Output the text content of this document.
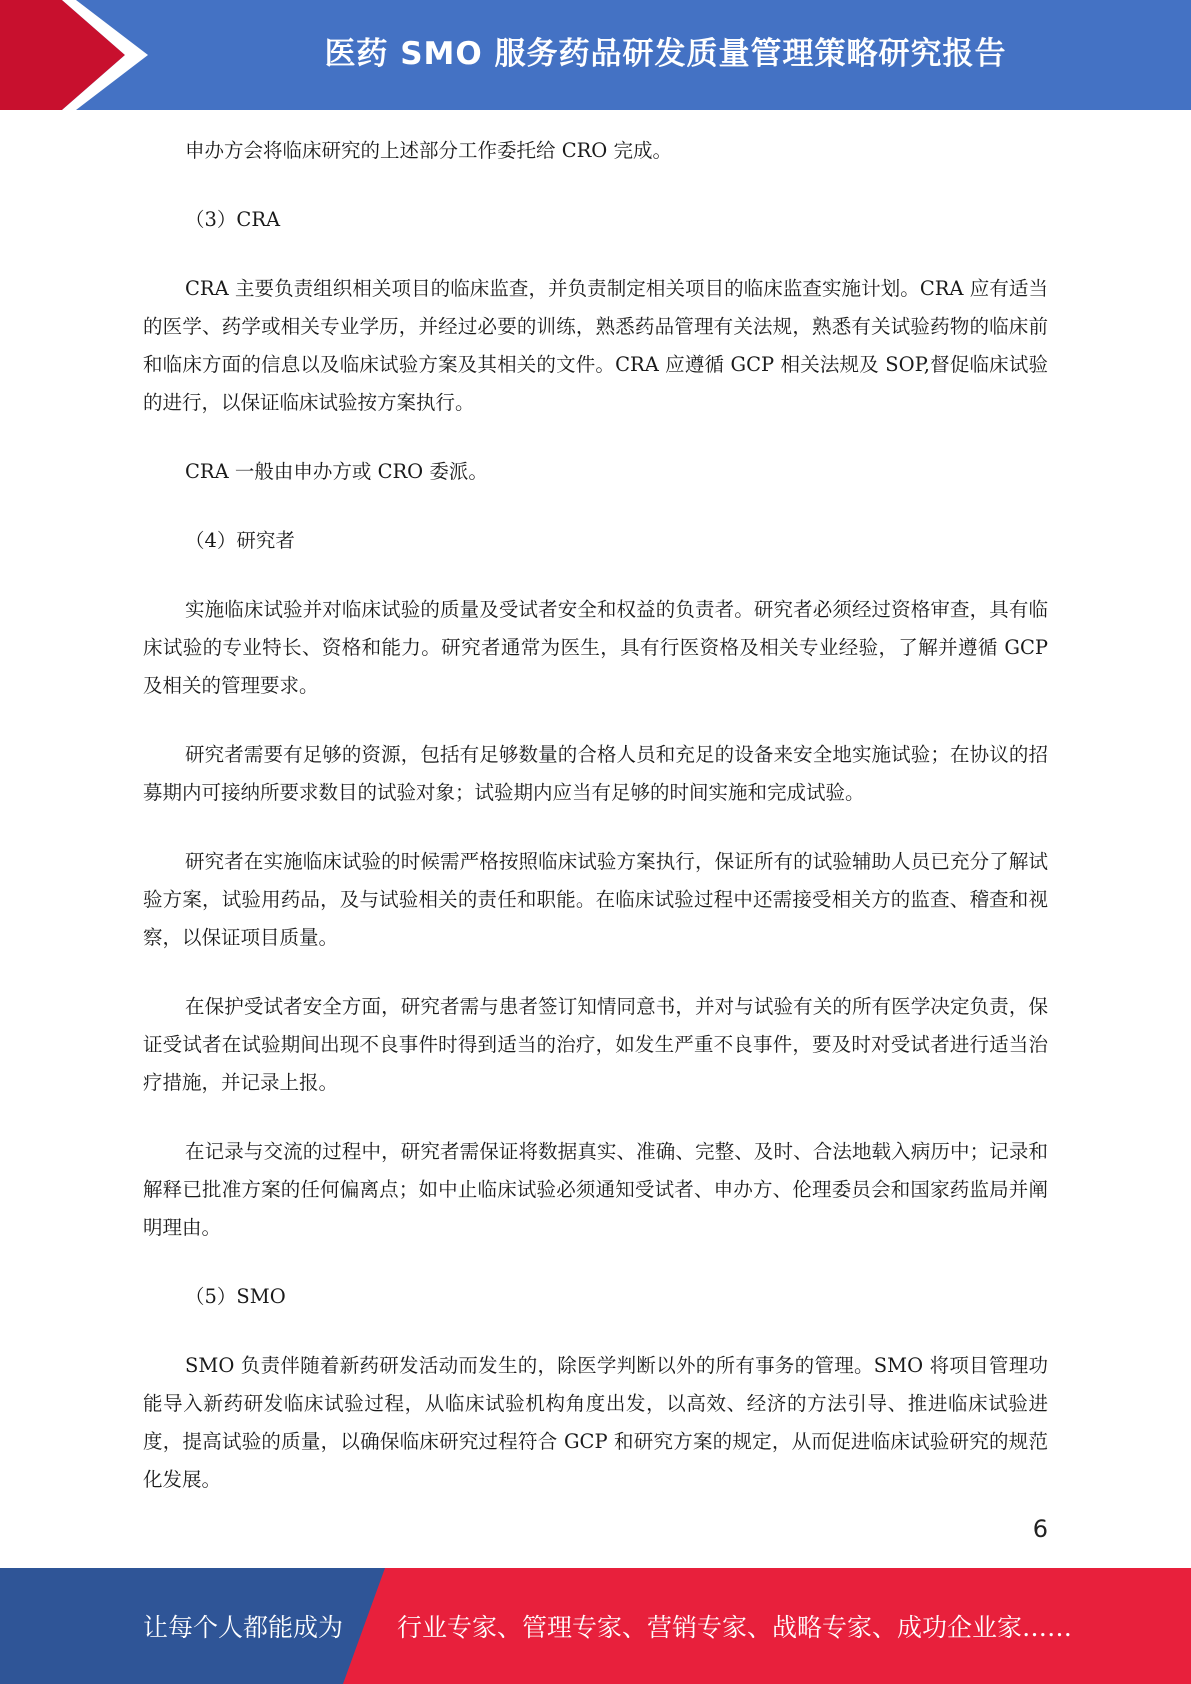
医药 SMO 服务药品研发质量管理策略研究报告

申办方会将临床研究的上述部分工作委托给 CRO 完成。

（3）CRA

CRA 主要负责组织相关项目的临床监查，并负责制定相关项目的临床监查实施计划。CRA 应有适当的医学、药学或相关专业学历，并经过必要的训练，熟悉药品管理有关法规，熟悉有关试验药物的临床前和临床方面的信息以及临床试验方案及其相关的文件。CRA 应遵循 GCP 相关法规及 SOP,督促临床试验的进行，以保证临床试验按方案执行。

CRA 一般由申办方或 CRO 委派。

（4）研究者

实施临床试验并对临床试验的质量及受试者安全和权益的负责者。研究者必须经过资格审查，具有临床试验的专业特长、资格和能力。研究者通常为医生，具有行医资格及相关专业经验，了解并遵循 GCP 及相关的管理要求。

研究者需要有足够的资源，包括有足够数量的合格人员和充足的设备来安全地实施试验；在协议的招募期内可接纳所要求数目的试验对象；试验期内应当有足够的时间实施和完成试验。

研究者在实施临床试验的时候需严格按照临床试验方案执行，保证所有的试验辅助人员已充分了解试验方案，试验用药品，及与试验相关的责任和职能。在临床试验过程中还需接受相关方的监查、稽查和视察，以保证项目质量。

在保护受试者安全方面，研究者需与患者签订知情同意书，并对与试验有关的所有医学决定负责，保证受试者在试验期间出现不良事件时得到适当的治疗，如发生严重不良事件，要及时对受试者进行适当治疗措施，并记录上报。

在记录与交流的过程中，研究者需保证将数据真实、准确、完整、及时、合法地载入病历中；记录和解释已批准方案的任何偏离点；如中止临床试验必须通知受试者、申办方、伦理委员会和国家药监局并阐明理由。

（5）SMO

SMO 负责伴随着新药研发活动而发生的，除医学判断以外的所有事务的管理。SMO 将项目管理功能导入新药研发临床试验过程，从临床试验机构角度出发，以高效、经济的方法引导、推进临床试验进度，提高试验的质量，以确保临床研究过程符合 GCP 和研究方案的规定，从而促进临床试验研究的规范化发展。

6
让每个人都能成为 行业专家、管理专家、营销专家、战略专家、成功企业家……
